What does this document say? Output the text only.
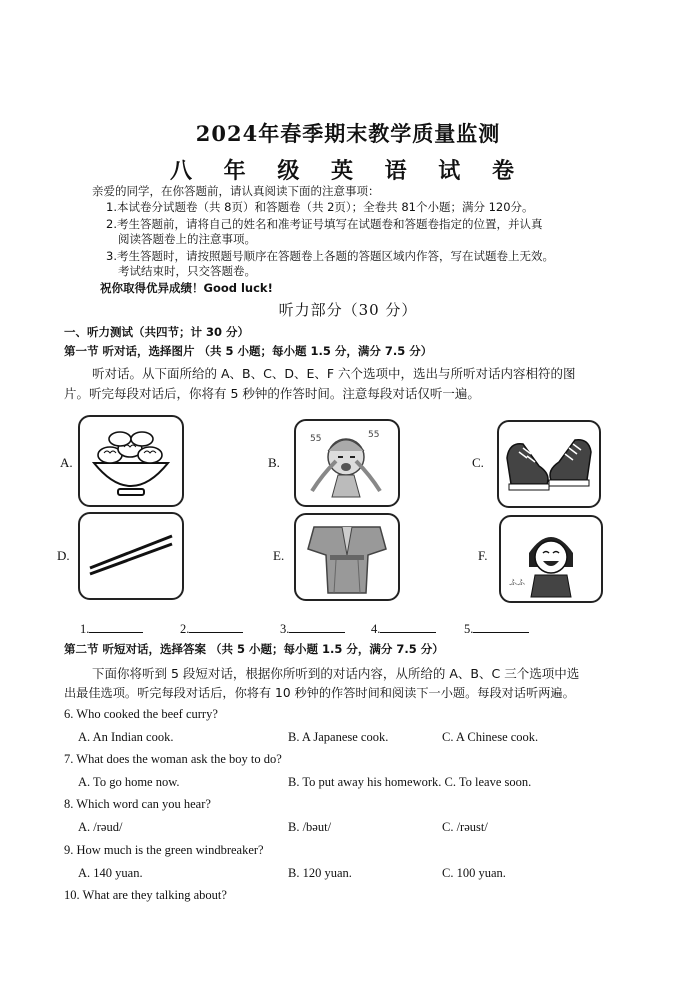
2024年春季期末教学质量监测
八 年 级 英 语 试 卷
亲爱的同学，在你答题前，请认真阅读下面的注意事项：
1.本试卷分试题卷（共 8页）和答题卷（共 2页）；全卷共 81个小题；满分 120分。
2.考生答题前，请将自己的姓名和准考证号填写在试题卷和答题卷指定的位置，并认真
阅读答题卷上的注意事项。
3.考生答题时，请按照题号顺序在答题卷上各题的答题区域内作答，写在试题卷上无效。
考试结束时，只交答题卷。
祝你取得优异成绩！Good luck!
听力部分（30 分）
一、听力测试（共四节；计 30 分）
第一节 听对话，选择图片 （共 5 小题；每小题 1.5 分，满分 7.5 分）
听对话。从下面所给的 A、B、C、D、E、F 六个选项中，选出与所听对话内容相符的图
片。听完每段对话后，你将有 5 秒钟的作答时间。注意每段对话仅听一遍。
A.	B.
55	55
C.
D.	E.	F.
ふふ
1.	2.	3.	4.	5.
第二节 听短对话，选择答案 （共 5 小题；每小题 1.5 分，满分 7.5 分）
下面你将听到 5 段短对话，根据你所听到的对话内容，从所给的 A、B、C 三个选项中选
出最佳选项。听完每段对话后，你将有 10 秒钟的作答时间和阅读下一小题。每段对话听两遍。
6. Who cooked the beef curry?
A. An Indian cook.	B. A Japanese cook.	C. A Chinese cook.
7. What does the woman ask the boy to do?
A. To go home now.	B. To put away his homework. C. To leave soon.
8. Which word can you hear?
A. /rəud/	B. /bəut/	C. /rəust/
9. How much is the green windbreaker?
A. 140 yuan.	B. 120 yuan.	C. 100 yuan.
10. What are they talking about?
